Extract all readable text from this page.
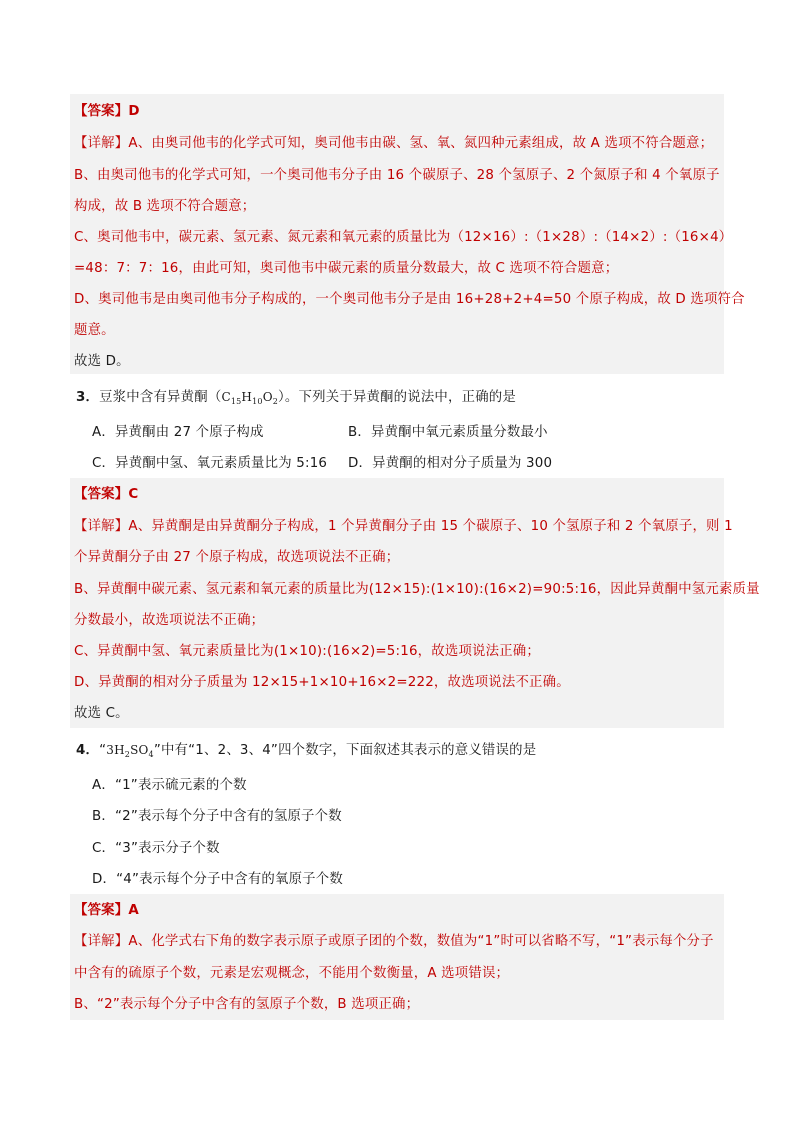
【答案】D
【详解】A、由奥司他韦的化学式可知，奥司他韦由碳、氢、氧、氮四种元素组成，故 A 选项不符合题意；
B、由奥司他韦的化学式可知，一个奥司他韦分子由 16 个碳原子、28 个氢原子、2 个氮原子和 4 个氧原子
构成，故 B 选项不符合题意；
C、奥司他韦中，碳元素、氢元素、氮元素和氧元素的质量比为（12×16）:（1×28）:（14×2）:（16×4）
=48：7：7：16，由此可知，奥司他韦中碳元素的质量分数最大，故 C 选项不符合题意；
D、奥司他韦是由奥司他韦分子构成的，一个奥司他韦分子是由 16+28+2+4=50 个原子构成，故 D 选项符合
题意。
故选 D。
3．豆浆中含有异黄酮$(C_{15}H_{10}O_2)$。下列关于异黄酮的说法中，正确的是
A．异黄酮由 27 个原子构成	B．异黄酮中氧元素质量分数最小
C．异黄酮中氢、氧元素质量比为 5:16 D．异黄酮的相对分子质量为 300
【答案】C
【详解】A、异黄酮是由异黄酮分子构成，1 个异黄酮分子由 15 个碳原子、10 个氢原子和 2 个氧原子，则 1
个异黄酮分子由 27 个原子构成，故选项说法不正确；
B、异黄酮中碳元素、氢元素和氧元素的质量比为(12×15):(1×10):(16×2)=90:5:16，因此异黄酮中氢元素质量
分数最小，故选项说法不正确；
C、异黄酮中氢、氧元素质量比为(1×10):(16×2)=5:16，故选项说法正确；
D、异黄酮的相对分子质量为 12×15+1×10+16×2=222，故选项说法不正确。
故选 C。
4．“$3H_2SO_4$”中有“1、2、3、4”四个数字，下面叙述其表示的意义错误的是
A．“1”表示硫元素的个数
B．“2”表示每个分子中含有的氢原子个数
C．“3”表示分子个数
D．“4”表示每个分子中含有的氧原子个数
【答案】A
【详解】A、化学式右下角的数字表示原子或原子团的个数，数值为“1”时可以省略不写，“1”表示每个分子
中含有的硫原子个数，元素是宏观概念，不能用个数衡量，A 选项错误；
B、“2”表示每个分子中含有的氢原子个数，B 选项正确；
